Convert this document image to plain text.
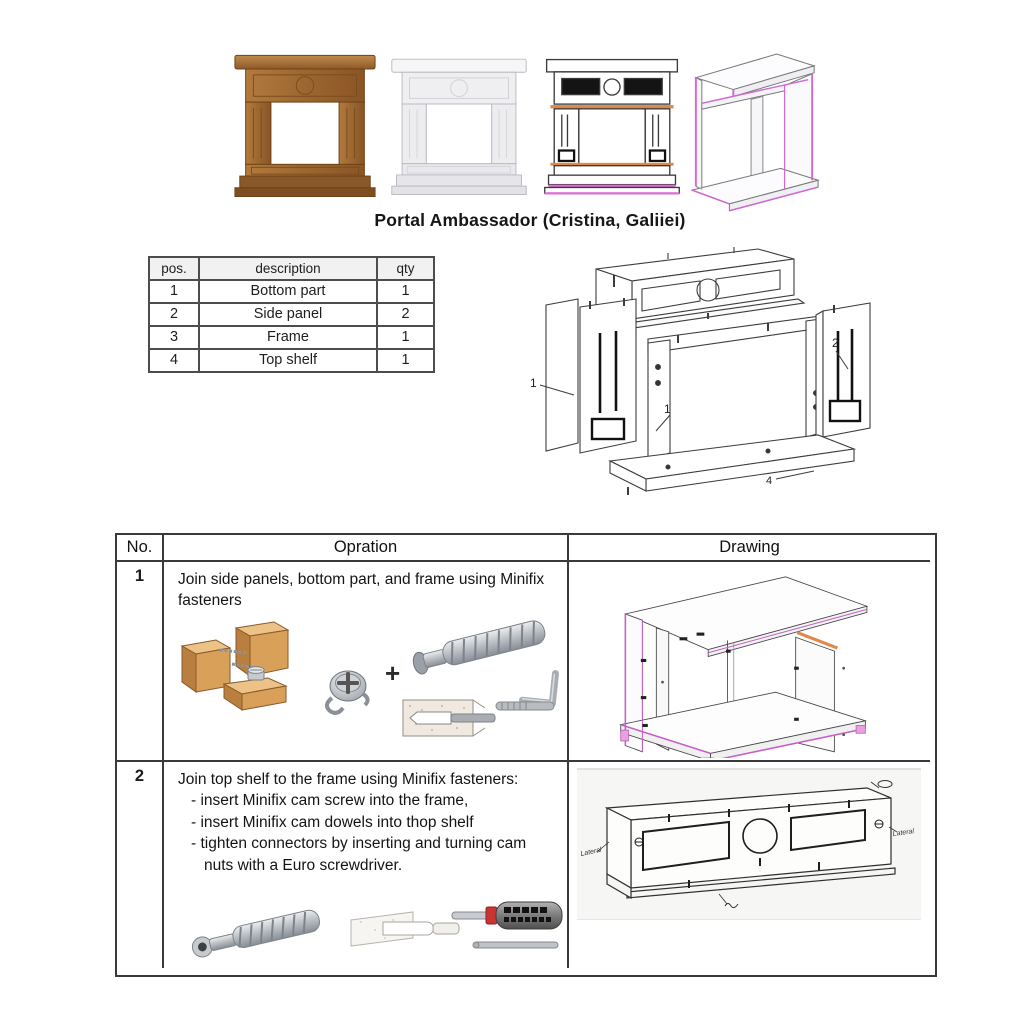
Portal Ambassador (Cristina, Galiiei)
pos.	description	qty
1	Bottom part	1
2	Side panel	2
3	Frame	1
4	Top shelf	1
1
1
2
4
No.	Opration	Drawing
1	Join side panels, bottom part, and frame using Minifix fasteners

+
2	Join top shelf to the frame using Minifix fasteners:

- insert Minifix cam screw into the frame,

- insert Minifix cam dowels into thop shelf

- tighten connectors by inserting and turning cam nuts with a Euro screwdriver.

Lateral
Lateral
